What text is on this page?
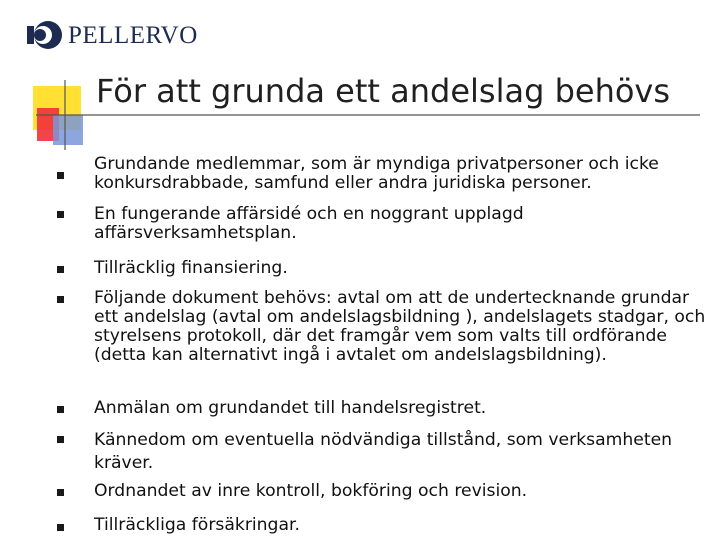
PELLERVO
För att grunda ett andelslag behövs
Grundande medlemmar, som är myndiga privatpersoner och icke konkursdrabbade, samfund eller andra juridiska personer.
En fungerande affärsidé och en noggrant upplagd affärsverksamhetsplan.
Tillräcklig finansiering.
Följande dokument behövs: avtal om att de undertecknande grundar ett andelslag (avtal om andelslagsbildning ), andelslagets stadgar, och styrelsens protokoll, där det framgår vem som valts till ordförande (detta kan alternativt ingå i avtalet om andelslagsbildning).
Anmälan om grundandet till handelsregistret.
Kännedom om eventuella nödvändiga tillstånd, som verksamheten kräver.
Ordnandet av inre kontroll, bokföring och revision.
Tillräckliga försäkringar.
